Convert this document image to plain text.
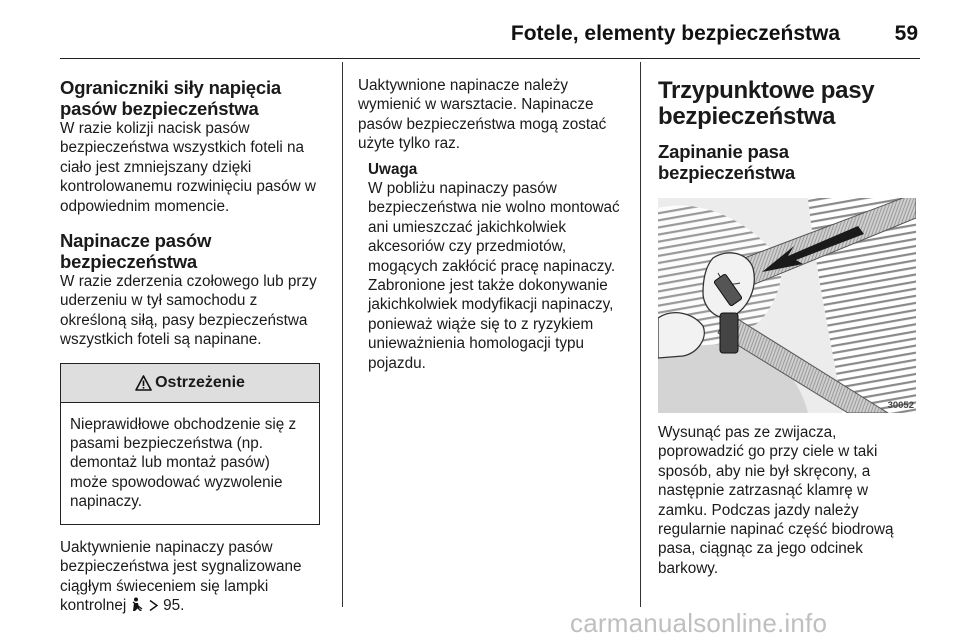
Fotele, elementy bezpieczeństwa	59
Ograniczniki siły napięcia pasów bezpieczeństwa

W razie kolizji nacisk pasów bezpieczeństwa wszystkich foteli na ciało jest zmniejszany dzięki kontrolowanemu rozwinięciu pasów w odpowiednim momencie.

Napinacze pasów bezpieczeństwa

W razie zderzenia czołowego lub przy uderzeniu w tył samochodu z określoną siłą, pasy bezpieczeństwa wszystkich foteli są napinane.

Ostrzeżenie
Nieprawidłowe obchodzenie się z pasami bezpieczeństwa (np. demontaż lub montaż pasów) może spowodować wyzwolenie napinaczy.

Uaktywnienie napinaczy pasów bezpieczeństwa jest sygnalizowane ciągłym świeceniem się lampki kontrolnej 95.

Uaktywnione napinacze należy wymienić w warsztacie. Napinacze pasów bezpieczeństwa mogą zostać użyte tylko raz.

Uwaga

W pobliżu napinaczy pasów bezpieczeństwa nie wolno montować ani umieszczać jakichkolwiek akcesoriów czy przedmiotów, mogących zakłócić pracę napinaczy. Zabronione jest także dokonywanie jakichkolwiek modyfikacji napinaczy, ponieważ wiąże się to z ryzykiem unieważnienia homologacji typu pojazdu.

Trzypunktowe pasy bezpieczeństwa
Zapinanie pasa bezpieczeństwa
30052

Wysunąć pas ze zwijacza, poprowadzić go przy ciele w taki sposób, aby nie był skręcony, a następnie zatrzasnąć klamrę w zamku. Podczas jazdy należy regularnie napinać część biodrową pasa, ciągnąc za jego odcinek barkowy.

carmanualsonline.info
